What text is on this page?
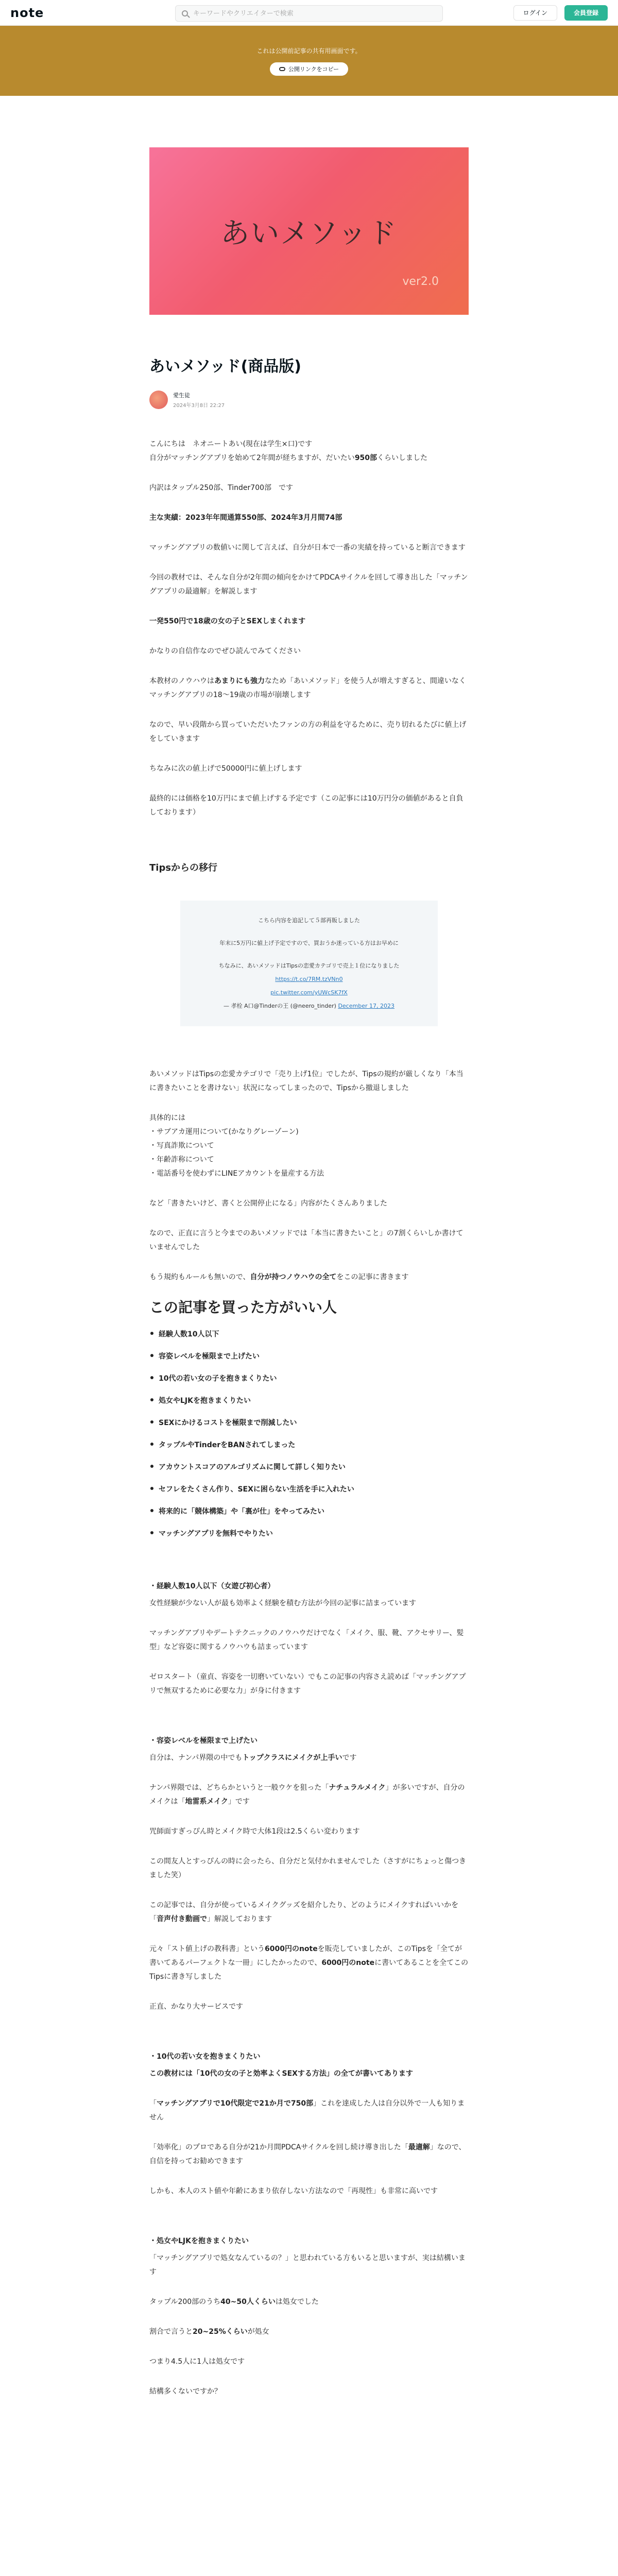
note
キーワードやクリエイターで検索	ログイン	会員登録
これは公開前記事の共有用画面です。
公開リンクをコピー
あいメソッド
ver2.0
あいメソッド(商品版)
愛生徒
2024年3月8日 22:27
こんにちは　ネオニートあい(現在は学生×口)です
自分がマッチングアプリを始めて2年間が経ちますが、だいたい950部くらいしました
内訳はタップル250部、Tinder700部　です
主な実績：2023年年間通算550部、2024年3月月間74部
マッチングアプリの数値いに関して言えば、自分が日本で一番の実績を持っていると断言できます
今回の教材では、そんな自分が2年間の傾向をかけてPDCAサイクルを回して導き出した「マッチングアプリの最適解」を解説します
一発550円で18歳の女の子とSEXしまくれます
かなりの自信作なのでぜひ読んでみてください
本教材のノウハウはあまりにも強力なため「あいメソッド」を使う人が増えすぎると、間違いなくマッチングアプリの18～19歳の市場が崩壊します
なので、早い段階から買っていただいたファンの方の利益を守るために、売り切れるたびに値上げをしていきます
ちなみに次の値上げで50000円に値上げします
最終的には価格を10万円にまで値上げする予定です（この記事には10万円分の価値があると自負しております）
Tipsからの移行
こちら内容を追記して５部再販しました
年末に5万円に値上げ予定ですので、買おうか迷っている方はお早めに
ちなみに、あいメソッドはTipsの恋愛カテゴリで売上１位になりました
https://t.co/7RM.tzVNn0
pic.twitter.com/yUWcSK7fX
— 孝栓 A口@Tinderの王 (@neero_tinder) December 17, 2023
あいメソッドはTipsの恋愛カテゴリで「売り上げ1位」でしたが、Tipsの規約が厳しくなり「本当に書きたいことを書けない」状況になってしまったので、Tipsから撤退しました
具体的には
・サブアカ運用について(かなりグレーゾーン)
・写真詐欺について
・年齢詐称について
・電話番号を使わずにLINEアカウントを量産する方法
など「書きたいけど、書くと公開停止になる」内容がたくさんありました
なので、正直に言うと今までのあいメソッドでは「本当に書きたいこと」の7割くらいしか書けていませんでした
もう規約もルールも無いので、自分が持つノウハウの全てをこの記事に書きます
この記事を買った方がいい人
経験人数10人以下
容姿レベルを極限まで上げたい
10代の若い女の子を抱きまくりたい
処女やLJKを抱きまくりたい
SEXにかけるコストを極限まで削減したい
タップルやTinderをBANされてしまった
アカウントスコアのアルゴリズムに関して詳しく知りたい
セフレをたくさん作り、SEXに困らない生活を手に入れたい
将来的に「競体構築」や「裏が仕」をやってみたい
マッチングアプリを無料でやりたい
・経験人数10人以下（女遊び初心者）
女性経験が少ない人が最も効率よく経験を積む方法が今回の記事に詰まっています
マッチングアプリやデートテクニックのノウハウだけでなく「メイク、服、靴、アクセサリー、髪型」など容姿に関するノウハウも詰まっています
ゼロスタート（童貞、容姿を一切磨いていない）でもこの記事の内容さえ読めば「マッチングアプリで無双するために必要な力」が身に付きます
・容姿レベルを極限まで上げたい
自分は、ナンパ界隈の中でもトップクラスにメイクが上手いです
ナンパ界隈では、どちらかというと一般ウケを狙った「ナチュラルメイク」が多いですが、自分のメイクは「地雷系メイク」です
咒師面すぎっぴん時とメイク時で大体1段は2.5くらい変わります
この間友人とすっぴんの時に会ったら、自分だと気付かれませんでした（さすがにちょっと傷つきました笑）
この記事では、自分が使っているメイクグッズを紹介したり、どのようにメイクすればいいかを「音声付き動画で」解説しております
元々「スト値上げの教科書」という6000円のnoteを販売していましたが、このTipsを「全てが書いてあるパーフェクトな一冊」にしたかったので、6000円のnoteに書いてあることを全てこのTipsに書き写しました
正直、かなり大サービスです
・10代の若い女を抱きまくりたい
この教材には「10代の女の子と効率よくSEXする方法」の全てが書いてあります
「マッチングアプリで10代限定で21か月で750部」これを達成した人は自分以外で一人も知りません
「効率化」のプロである自分が21か月間PDCAサイクルを回し続け導き出した「最適解」なので、自信を持ってお勧めできます
しかも、本人のスト値や年齢にあまり依存しない方法なので「再現性」も非常に高いです
・処女やLJKを抱きまくりたい
「マッチングアプリで処女なんているの？」と思われている方もいると思いますが、実は結構います
タップル200部のうち40~50人くらいは処女でした
割合で言うと20~25%くらいが処女
つまり4.5人に1人は処女です
結構多くないですか？
